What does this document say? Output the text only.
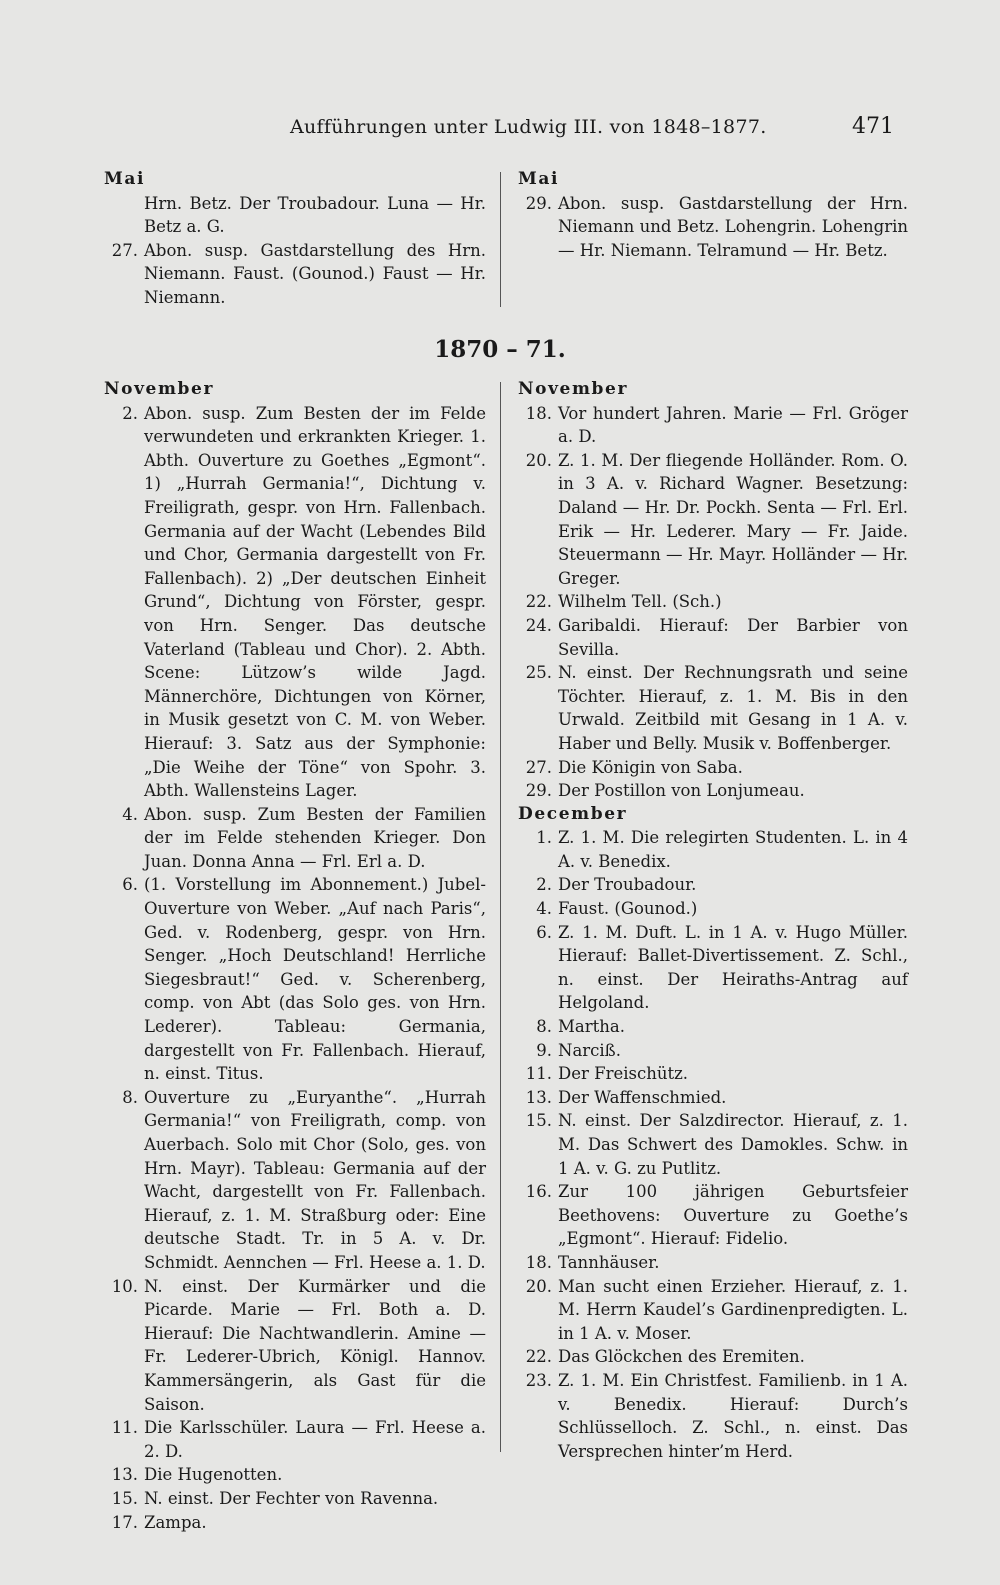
Aufführungen unter Ludwig III. von 1848–1877.	471
Mai
Hrn. Betz. Der Troubadour. Luna — Hr. Betz a. G.
27. Abon. susp. Gastdarstellung des Hrn. Niemann. Faust. (Gounod.) Faust — Hr. Niemann.
Mai
29. Abon. susp. Gastdarstellung der Hrn. Niemann und Betz. Lohengrin. Lohengrin — Hr. Niemann. Telramund — Hr. Betz.
1870 – 71.
November
2. Abon. susp. Zum Besten der im Felde verwundeten und erkrankten Krieger. 1. Abth. Ouverture zu Goethes „Egmont“. 1) „Hurrah Germania!“, Dichtung v. Freiligrath, gespr. von Hrn. Fallenbach. Germania auf der Wacht (Lebendes Bild und Chor, Germania dargestellt von Fr. Fallenbach). 2) „Der deutschen Einheit Grund“, Dichtung von Förster, gespr. von Hrn. Senger. Das deutsche Vaterland (Tableau und Chor). 2. Abth. Scene: Lützow’s wilde Jagd. Männerchöre, Dichtungen von Körner, in Musik gesetzt von C. M. von Weber. Hierauf: 3. Satz aus der Symphonie: „Die Weihe der Töne“ von Spohr. 3. Abth. Wallensteins Lager.
4. Abon. susp. Zum Besten der Familien der im Felde stehenden Krieger. Don Juan. Donna Anna — Frl. Erl a. D.
6. (1. Vorstellung im Abonnement.) Jubel-Ouverture von Weber. „Auf nach Paris“, Ged. v. Rodenberg, gespr. von Hrn. Senger. „Hoch Deutschland! Herrliche Siegesbraut!“ Ged. v. Scherenberg, comp. von Abt (das Solo ges. von Hrn. Lederer). Tableau: Germania, dargestellt von Fr. Fallenbach. Hierauf, n. einst. Titus.
8. Ouverture zu „Euryanthe“. „Hurrah Germania!“ von Freiligrath, comp. von Auerbach. Solo mit Chor (Solo, ges. von Hrn. Mayr). Tableau: Germania auf der Wacht, dargestellt von Fr. Fallenbach. Hierauf, z. 1. M. Straßburg oder: Eine deutsche Stadt. Tr. in 5 A. v. Dr. Schmidt. Aennchen — Frl. Heese a. 1. D.
10. N. einst. Der Kurmärker und die Picarde. Marie — Frl. Both a. D. Hierauf: Die Nachtwandlerin. Amine — Fr. Lederer-Ubrich, Königl. Hannov. Kammersängerin, als Gast für die Saison.
11. Die Karlsschüler. Laura — Frl. Heese a. 2. D.
13. Die Hugenotten.
15. N. einst. Der Fechter von Ravenna.
17. Zampa.
November
18. Vor hundert Jahren. Marie — Frl. Gröger a. D.
20. Z. 1. M. Der fliegende Holländer. Rom. O. in 3 A. v. Richard Wagner. Besetzung: Daland — Hr. Dr. Pockh. Senta — Frl. Erl. Erik — Hr. Lederer. Mary — Fr. Jaide. Steuermann — Hr. Mayr. Holländer — Hr. Greger.
22. Wilhelm Tell. (Sch.)
24. Garibaldi. Hierauf: Der Barbier von Sevilla.
25. N. einst. Der Rechnungsrath und seine Töchter. Hierauf, z. 1. M. Bis in den Urwald. Zeitbild mit Gesang in 1 A. v. Haber und Belly. Musik v. Boffenberger.
27. Die Königin von Saba.
29. Der Postillon von Lonjumeau.
December
1. Z. 1. M. Die relegirten Studenten. L. in 4 A. v. Benedix.
2. Der Troubadour.
4. Faust. (Gounod.)
6. Z. 1. M. Duft. L. in 1 A. v. Hugo Müller. Hierauf: Ballet-Divertissement. Z. Schl., n. einst. Der Heiraths-Antrag auf Helgoland.
8. Martha.
9. Narciß.
11. Der Freischütz.
13. Der Waffenschmied.
15. N. einst. Der Salzdirector. Hierauf, z. 1. M. Das Schwert des Damokles. Schw. in 1 A. v. G. zu Putlitz.
16. Zur 100 jährigen Geburtsfeier Beethovens: Ouverture zu Goethe’s „Egmont“. Hierauf: Fidelio.
18. Tannhäuser.
20. Man sucht einen Erzieher. Hierauf, z. 1. M. Herrn Kaudel’s Gardinenpredigten. L. in 1 A. v. Moser.
22. Das Glöckchen des Eremiten.
23. Z. 1. M. Ein Christfest. Familienb. in 1 A. v. Benedix. Hierauf: Durch’s Schlüsselloch. Z. Schl., n. einst. Das Versprechen hinter’m Herd.
